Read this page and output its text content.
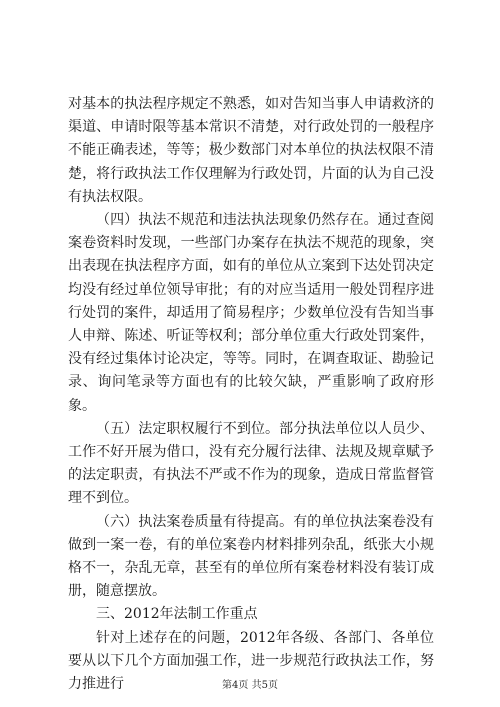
对基本的执法程序规定不熟悉，如对告知当事人申请救济的渠道、申请时限等基本常识不清楚，对行政处罚的一般程序不能正确表述，等等；极少数部门对本单位的执法权限不清楚，将行政执法工作仅理解为行政处罚，片面的认为自己没有执法权限。

（四）执法不规范和违法执法现象仍然存在。通过查阅案卷资料时发现，一些部门办案存在执法不规范的现象，突出表现在执法程序方面，如有的单位从立案到下达处罚决定均没有经过单位领导审批；有的对应当适用一般处罚程序进行处罚的案件，却适用了简易程序；少数单位没有告知当事人申辩、陈述、听证等权利；部分单位重大行政处罚案件，没有经过集体讨论决定，等等。同时，在调查取证、勘验记录、询问笔录等方面也有的比较欠缺，严重影响了政府形象。

（五）法定职权履行不到位。部分执法单位以人员少、工作不好开展为借口，没有充分履行法律、法规及规章赋予的法定职责，有执法不严或不作为的现象，造成日常监督管理不到位。

（六）执法案卷质量有待提高。有的单位执法案卷没有做到一案一卷，有的单位案卷内材料排列杂乱，纸张大小规格不一，杂乱无章，甚至有的单位所有案卷材料没有装订成册，随意摆放。

三、2012年法制工作重点

针对上述存在的问题，2012年各级、各部门、各单位要从以下几个方面加强工作，进一步规范行政执法工作，努力推进行	第4页 共5页
